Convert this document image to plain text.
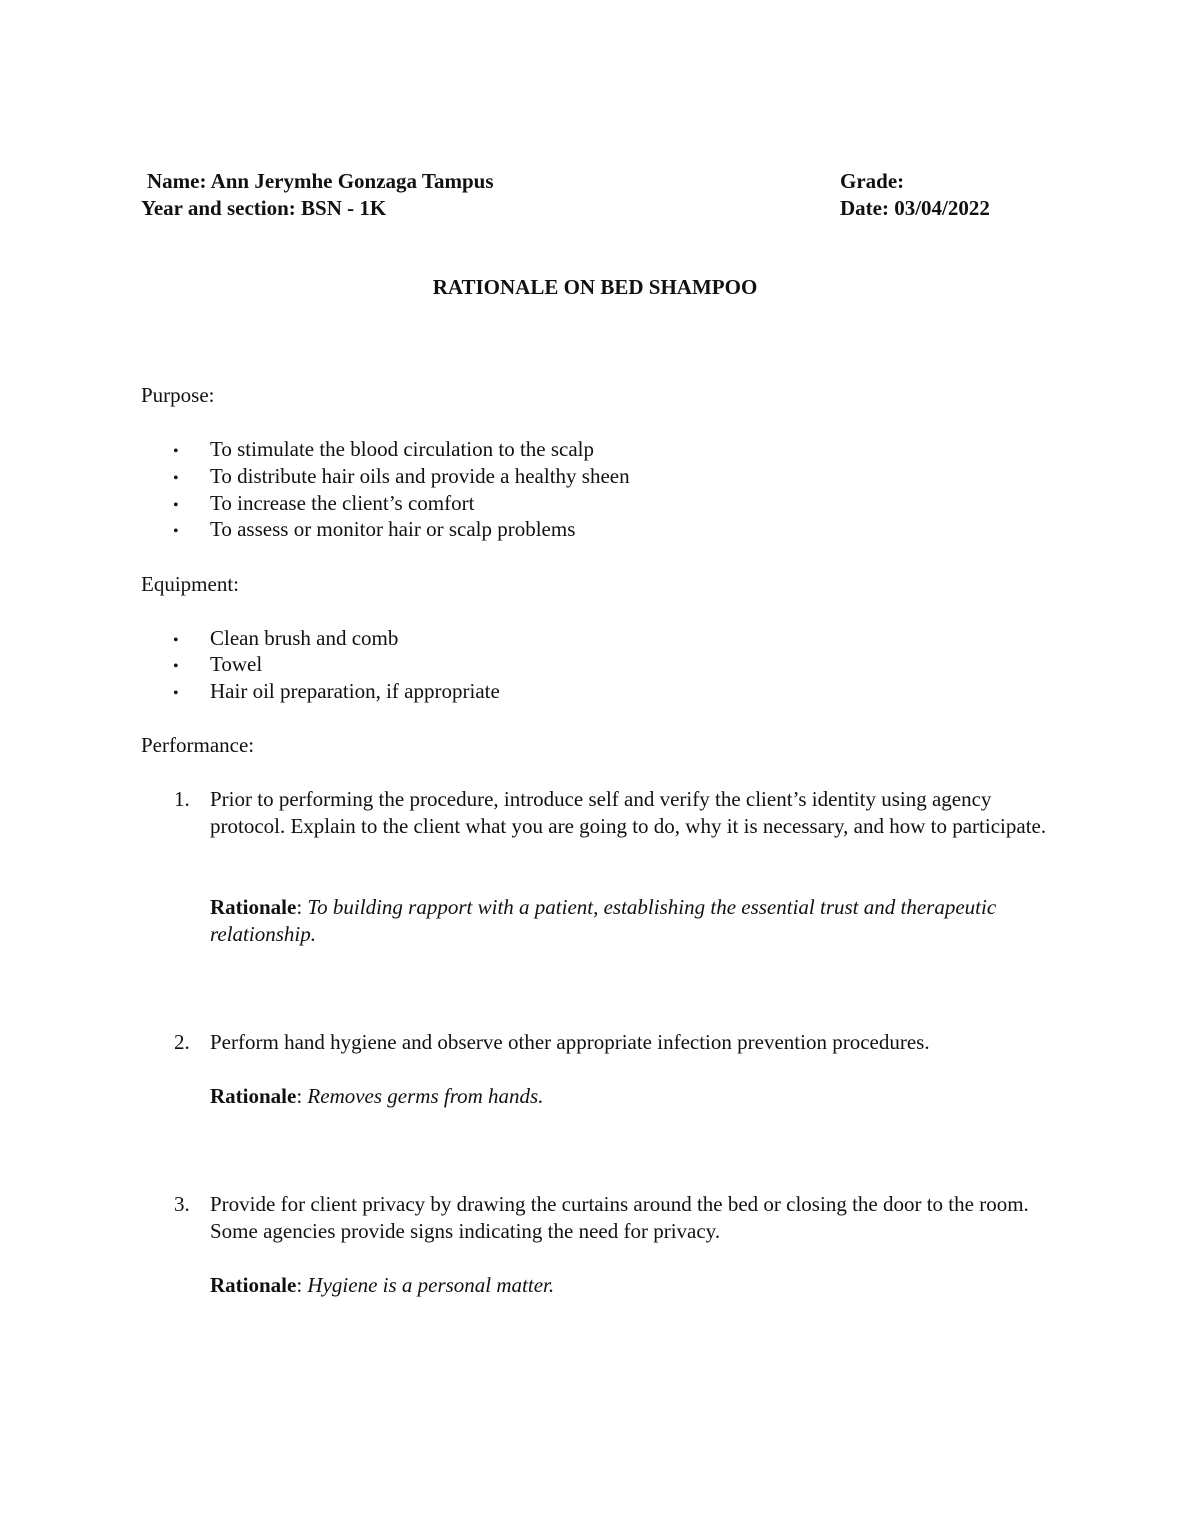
Name: Ann Jerymhe Gonzaga Tampus
Year and section: BSN - 1K
Grade:
Date: 03/04/2022
RATIONALE ON BED SHAMPOO
Purpose:
• To stimulate the blood circulation to the scalp
• To distribute hair oils and provide a healthy sheen
• To increase the client’s comfort
• To assess or monitor hair or scalp problems
Equipment:
• Clean brush and comb
• Towel
• Hair oil preparation, if appropriate
Performance:
1. Prior to performing the procedure, introduce self and verify the client’s identity using agency protocol. Explain to the client what you are going to do, why it is necessary, and how to participate.
Rationale: To building rapport with a patient, establishing the essential trust and therapeutic relationship.
2. Perform hand hygiene and observe other appropriate infection prevention procedures.
Rationale: Removes germs from hands.
3. Provide for client privacy by drawing the curtains around the bed or closing the door to the room. Some agencies provide signs indicating the need for privacy.
Rationale: Hygiene is a personal matter.
